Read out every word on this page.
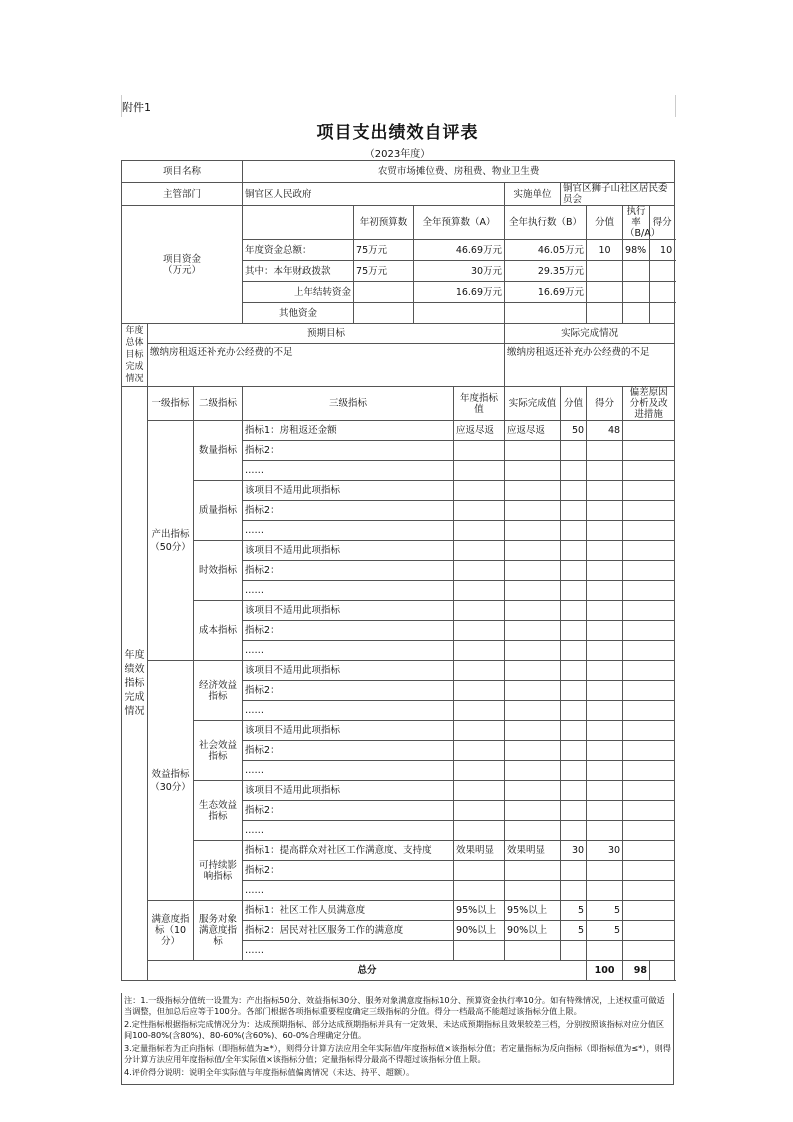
附件1
项目支出绩效自评表
（2023年度）
项目名称			农贸市场摊位费、房租费、物业卫生费								
主管部门			铜官区人民政府				实施单位	铜官区狮子山社区居民委员会			
项目资金
（万元）				年初预算数	全年预算数（A）		全年执行数（B）		分值	执行率（B/A）	得分
			年度资金总额：	75万元	46.69万元		46.05万元		10	98%	10
			其中：本年财政拨款	75万元	30万元		29.35万元				
			上年结转资金		16.69万元		16.69万元				
			其他资金								
年度总体目标完成情况	预期目标						实际完成情况				
	缴纳房租返还补充办公经费的不足						缴纳房租返还补充办公经费的不足				
年度绩效指标完成情况	一级指标	二级指标	三级指标			年度指标值	实际完成值	分值	得分	偏差原因分析及改进措施	
	产出指标（50分）	数量指标	指标1：房租返还金额			应返尽返	应返尽返	50	48		
			指标2：								
			……								
		质量指标	该项目不适用此项指标								
			指标2：								
			……								
		时效指标	该项目不适用此项指标								
			指标2：								
			……								
		成本指标	该项目不适用此项指标								
			指标2：								
			……								
	效益指标（30分）	经济效益指标	该项目不适用此项指标								
			指标2：								
			……								
		社会效益指标	该项目不适用此项指标								
			指标2：								
			……								
		生态效益指标	该项目不适用此项指标								
			指标2：								
			……								
		可持续影响指标	指标1：提高群众对社区工作满意度、支持度			效果明显	效果明显	30	30		
			指标2：								
			……								
	满意度指标（10分）	服务对象满意度指标	指标1：社区工作人员满意度			95%以上	95%以上	5	5		
			指标2：居民对社区服务工作的满意度			90%以上	90%以上	5	5		
			……								
	总分								100	98	

注：1.一级指标分值统一设置为：产出指标50分、效益指标30分、服务对象满意度指标10分、预算资金执行率10分。如有特殊情况，上述权重可做适当调整，但加总后应等于100分。各部门根据各项指标重要程度确定三级指标的分值。得分一档最高不能超过该指标分值上限。

2.定性指标根据指标完成情况分为：达成预期指标、部分达成预期指标并具有一定效果、未达成预期指标且效果较差三档，分别按照该指标对应分值区间100-80%(含80%)、80-60%(含60%)、60-0%合理确定分值。

3.定量指标若为正向指标（即指标值为≥*），则得分计算方法应用全年实际值/年度指标值×该指标分值；若定量指标为反向指标（即指标值为≤*），则得分计算方法应用年度指标值/全年实际值×该指标分值；定量指标得分最高不得超过该指标分值上限。

4.评价得分说明：说明全年实际值与年度指标值偏离情况（未达、持平、超额）。
